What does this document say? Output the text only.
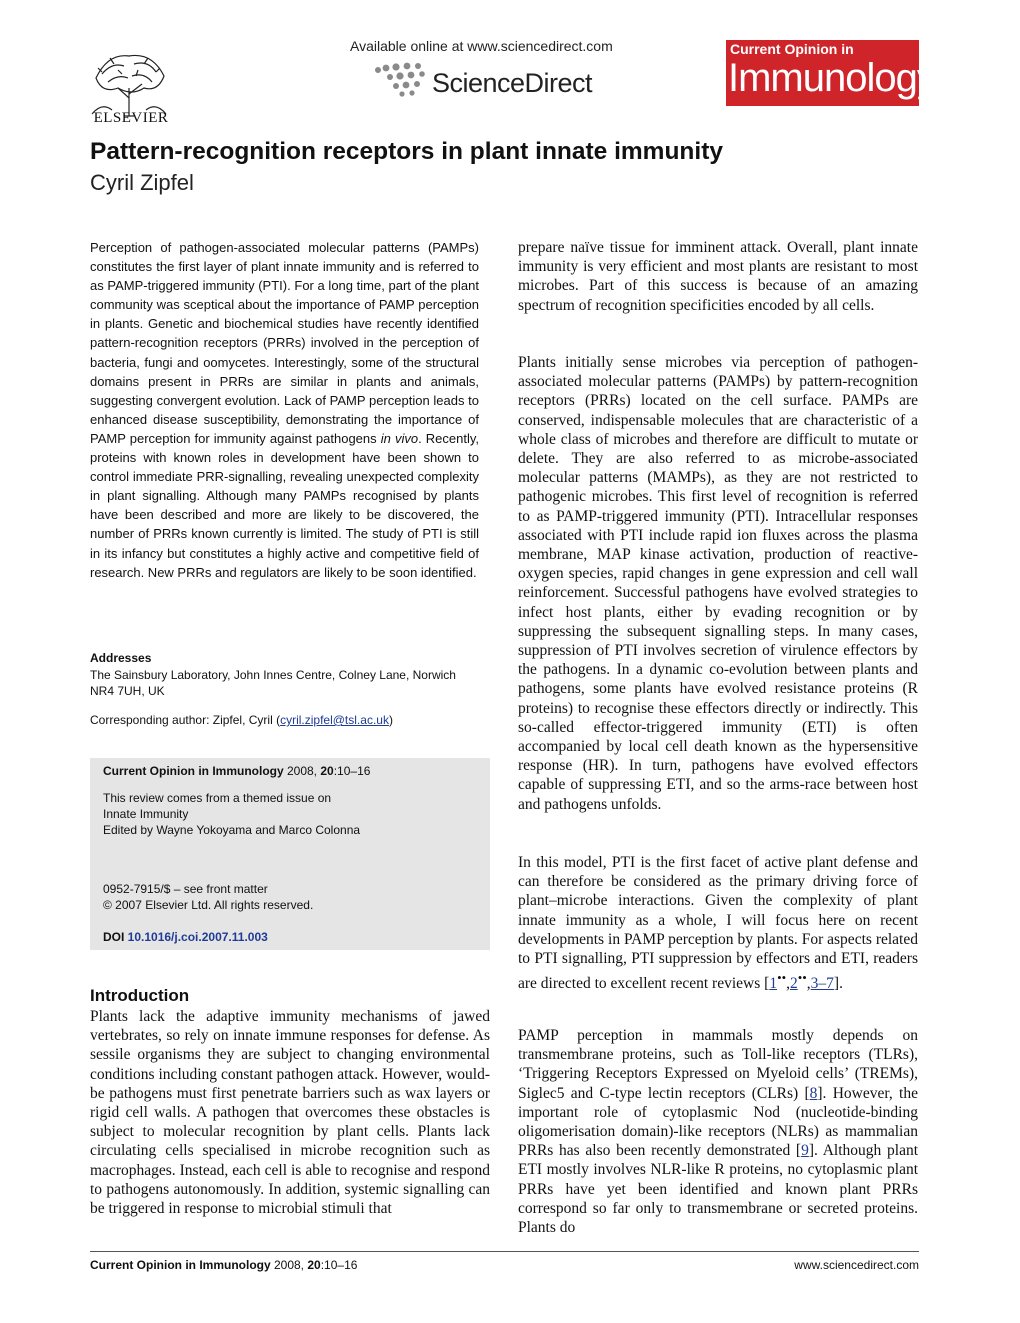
ELSEVIER
Available online at www.sciencedirect.com
ScienceDirect
Current Opinion in
Immunology
Pattern-recognition receptors in plant innate immunity
Cyril Zipfel
Perception of pathogen-associated molecular patterns (PAMPs) constitutes the first layer of plant innate immunity and is referred to as PAMP-triggered immunity (PTI). For a long time, part of the plant community was sceptical about the importance of PAMP perception in plants. Genetic and biochemical studies have recently identified pattern-recognition receptors (PRRs) involved in the perception of bacteria, fungi and oomycetes. Interestingly, some of the structural domains present in PRRs are similar in plants and animals, suggesting convergent evolution. Lack of PAMP perception leads to enhanced disease susceptibility, demonstrating the importance of PAMP perception for immunity against pathogens in vivo. Recently, proteins with known roles in development have been shown to control immediate PRR-signalling, revealing unexpected complexity in plant signalling. Although many PAMPs recognised by plants have been described and more are likely to be discovered, the number of PRRs known currently is limited. The study of PTI is still in its infancy but constitutes a highly active and competitive field of research. New PRRs and regulators are likely to be soon identified.
Addresses
The Sainsbury Laboratory, John Innes Centre, Colney Lane, Norwich NR4 7UH, UK
Corresponding author: Zipfel, Cyril (cyril.zipfel@tsl.ac.uk)
Current Opinion in Immunology 2008, 20:10–16
This review comes from a themed issue on
Innate Immunity
Edited by Wayne Yokoyama and Marco Colonna
0952-7915/$ – see front matter
© 2007 Elsevier Ltd. All rights reserved.
DOI 10.1016/j.coi.2007.11.003
Introduction
Plants lack the adaptive immunity mechanisms of jawed vertebrates, so rely on innate immune responses for defense. As sessile organisms they are subject to changing environmental conditions including constant pathogen attack. However, would-be pathogens must first penetrate barriers such as wax layers or rigid cell walls. A pathogen that overcomes these obstacles is subject to molecular recognition by plant cells. Plants lack circulating cells specialised in microbe recognition such as macrophages. Instead, each cell is able to recognise and respond to pathogens autonomously. In addition, systemic signalling can be triggered in response to microbial stimuli that
prepare naïve tissue for imminent attack. Overall, plant innate immunity is very efficient and most plants are resistant to most microbes. Part of this success is because of an amazing spectrum of recognition specificities encoded by all cells.
Plants initially sense microbes via perception of pathogen-associated molecular patterns (PAMPs) by pattern-recognition receptors (PRRs) located on the cell surface. PAMPs are conserved, indispensable molecules that are characteristic of a whole class of microbes and therefore are difficult to mutate or delete. They are also referred to as microbe-associated molecular patterns (MAMPs), as they are not restricted to pathogenic microbes. This first level of recognition is referred to as PAMP-triggered immunity (PTI). Intracellular responses associated with PTI include rapid ion fluxes across the plasma membrane, MAP kinase activation, production of reactive-oxygen species, rapid changes in gene expression and cell wall reinforcement. Successful pathogens have evolved strategies to infect host plants, either by evading recognition or by suppressing the subsequent signalling steps. In many cases, suppression of PTI involves secretion of virulence effectors by the pathogens. In a dynamic co-evolution between plants and pathogens, some plants have evolved resistance proteins (R proteins) to recognise these effectors directly or indirectly. This so-called effector-triggered immunity (ETI) is often accompanied by local cell death known as the hypersensitive response (HR). In turn, pathogens have evolved effectors capable of suppressing ETI, and so the arms-race between host and pathogens unfolds.
In this model, PTI is the first facet of active plant defense and can therefore be considered as the primary driving force of plant–microbe interactions. Given the complexity of plant innate immunity as a whole, I will focus here on recent developments in PAMP perception by plants. For aspects related to PTI signalling, PTI suppression by effectors and ETI, readers are directed to excellent recent reviews [1••,2••,3–7].
PAMP perception in mammals mostly depends on transmembrane proteins, such as Toll-like receptors (TLRs), ‘Triggering Receptors Expressed on Myeloid cells’ (TREMs), Siglec5 and C-type lectin receptors (CLRs) [8]. However, the important role of cytoplasmic Nod (nucleotide-binding oligomerisation domain)-like receptors (NLRs) as mammalian PRRs has also been recently demonstrated [9]. Although plant ETI mostly involves NLR-like R proteins, no cytoplasmic plant PRRs have yet been identified and known plant PRRs correspond so far only to transmembrane or secreted proteins. Plants do
Current Opinion in Immunology 2008, 20:10–16	www.sciencedirect.com
